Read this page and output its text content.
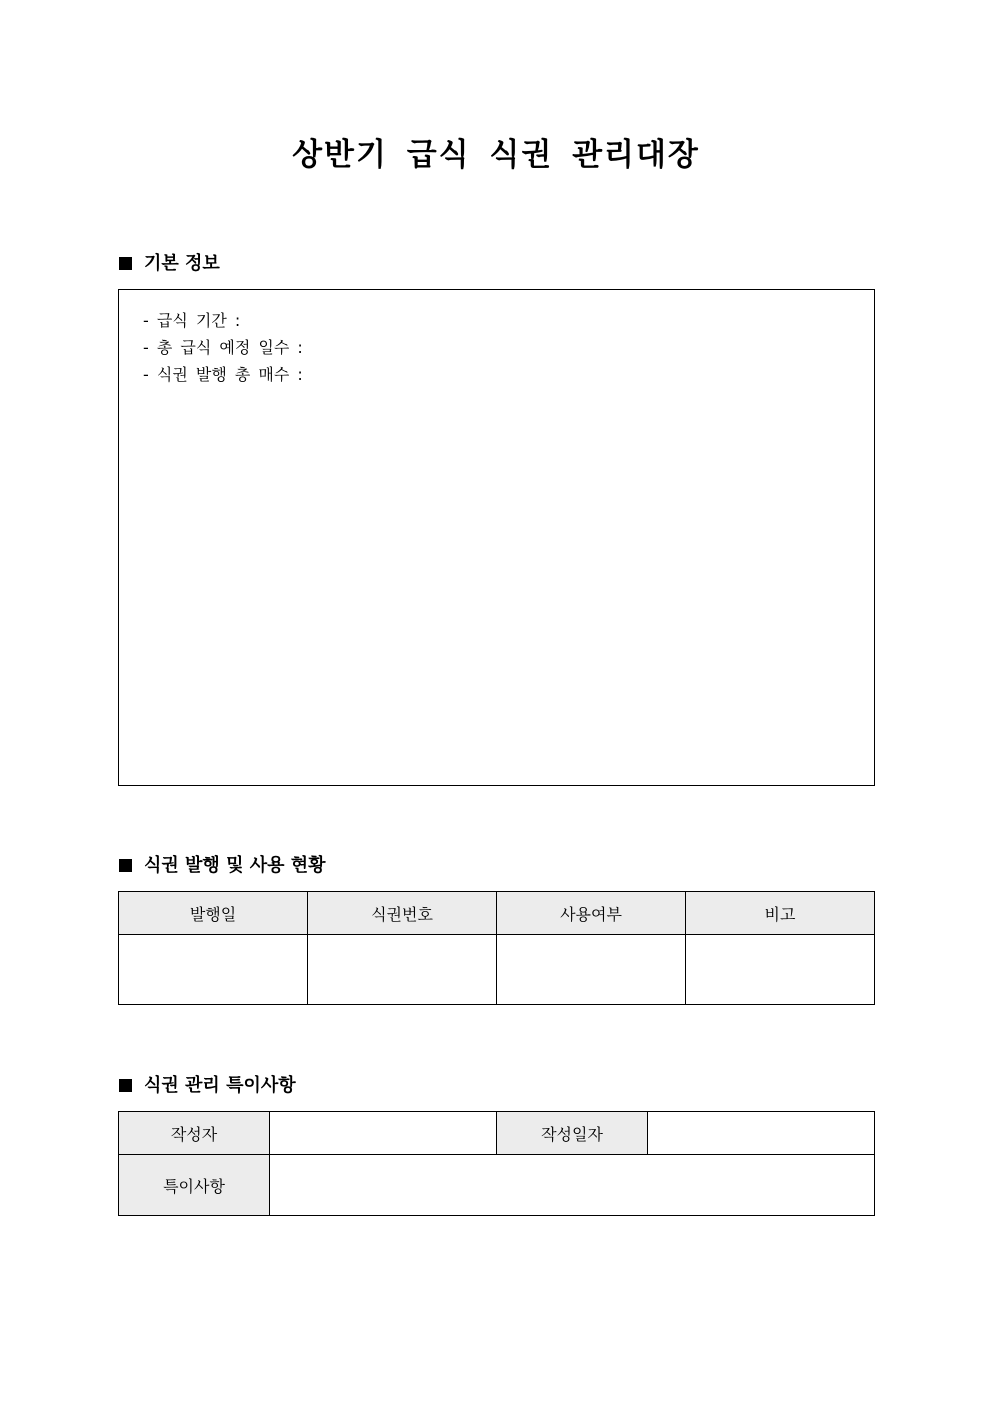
상반기 급식 식권 관리대장
기본 정보
- 급식 기간 :
- 총 급식 예정 일수 :
- 식권 발행 총 매수 :
식권 발행 및 사용 현황
발행일	식권번호	사용여부	비고

식권 관리 특이사항
작성자		작성일자	
특이사항			
